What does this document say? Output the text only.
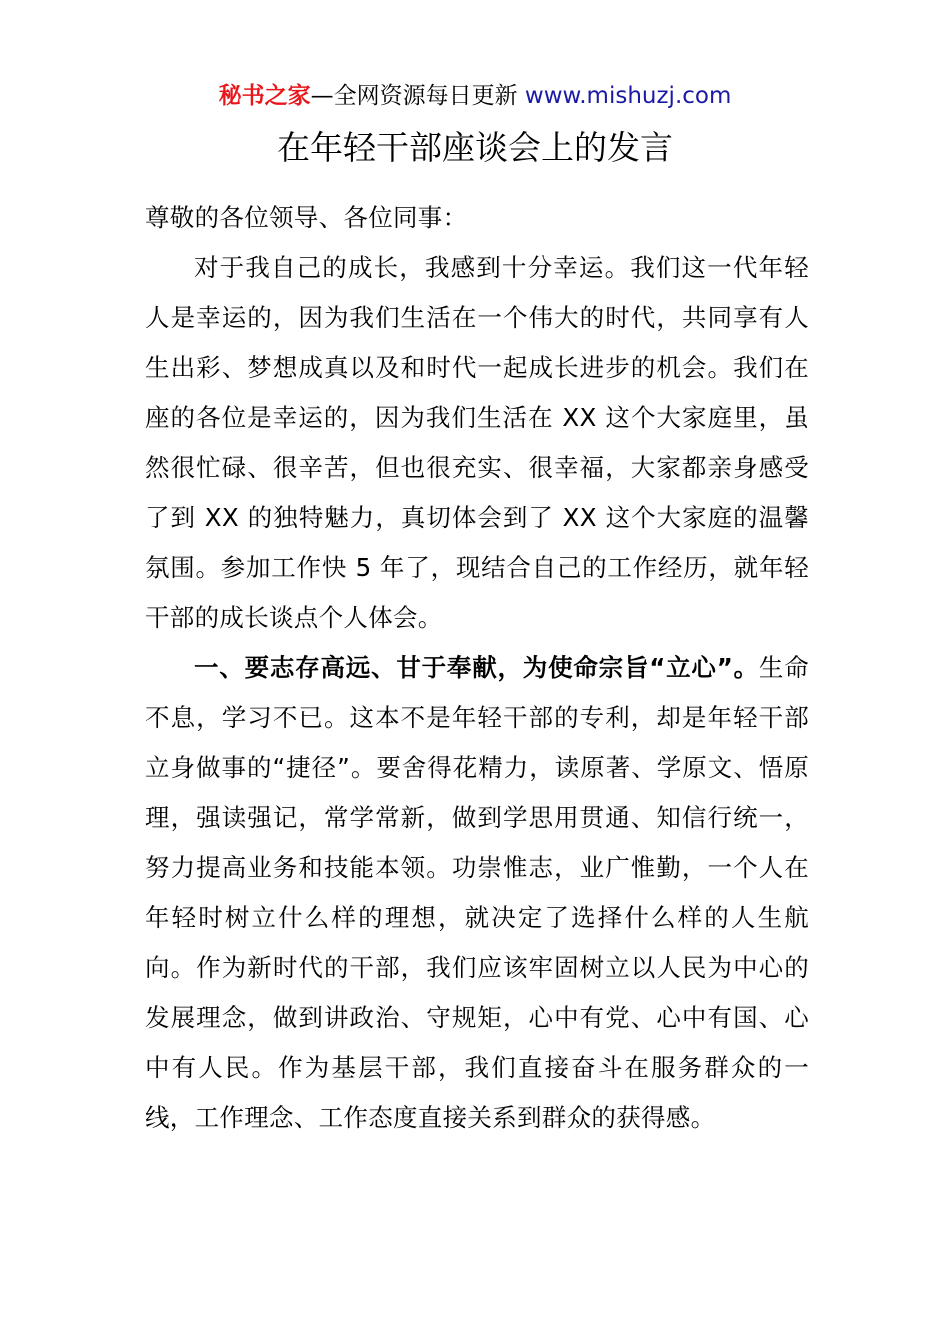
秘书之家—全网资源每日更新 www.mishuzj.com
在年轻干部座谈会上的发言

尊敬的各位领导、各位同事：

对于我自己的成长，我感到十分幸运。我们这一代年轻人是幸运的，因为我们生活在一个伟大的时代，共同享有人生出彩、梦想成真以及和时代一起成长进步的机会。我们在座的各位是幸运的，因为我们生活在 XX 这个大家庭里，虽然很忙碌、很辛苦，但也很充实、很幸福，大家都亲身感受了到 XX 的独特魅力，真切体会到了 XX 这个大家庭的温馨氛围。参加工作快 5 年了，现结合自己的工作经历，就年轻干部的成长谈点个人体会。

一、要志存高远、甘于奉献，为使命宗旨“立心”。生命不息，学习不已。这本不是年轻干部的专利，却是年轻干部立身做事的“捷径”。要舍得花精力，读原著、学原文、悟原理，强读强记，常学常新，做到学思用贯通、知信行统一，努力提高业务和技能本领。功崇惟志，业广惟勤，一个人在年轻时树立什么样的理想，就决定了选择什么样的人生航向。作为新时代的干部，我们应该牢固树立以人民为中心的发展理念，做到讲政治、守规矩，心中有党、心中有国、心中有人民。作为基层干部，我们直接奋斗在服务群众的一线，工作理念、工作态度直接关系到群众的获得感。
